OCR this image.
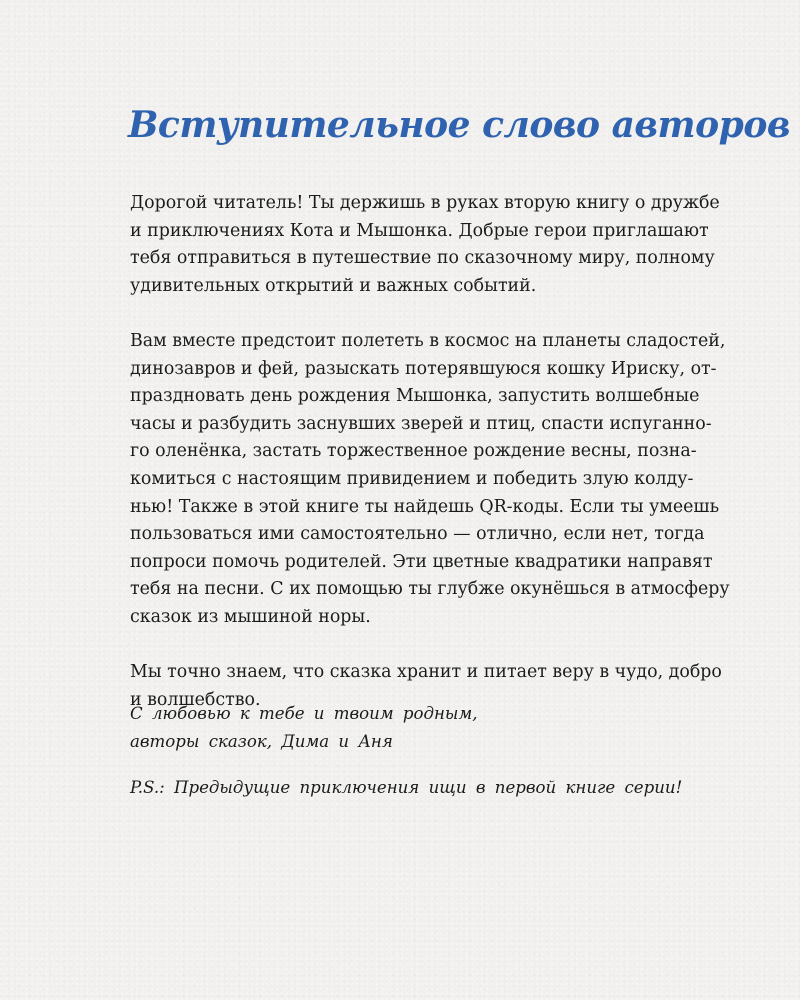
Вступительное слово авторов
Дорогой читатель! Ты держишь в руках вторую книгу о дружбе
и приключениях Кота и Мышонка. Добрые герои приглашают
тебя отправиться в путешествие по сказочному миру, полному
удивительных открытий и важных событий.
Вам вместе предстоит полететь в космос на планеты сладостей,
динозавров и фей, разыскать потерявшуюся кошку Ириску, от-
праздновать день рождения Мышонка, запустить волшебные
часы и разбудить заснувших зверей и птиц, спасти испуганно-
го оленёнка, застать торжественное рождение весны, позна-
комиться с настоящим привидением и победить злую колду-
нью! Также в этой книге ты найдешь QR-коды. Если ты умеешь
пользоваться ими самостоятельно — отлично, если нет, тогда
попроси помочь родителей. Эти цветные квадратики направят
тебя на песни. С их помощью ты глубже окунёшься в атмосферу
сказок из мышиной норы.
Мы точно знаем, что сказка хранит и питает веру в чудо, добро
и волшебство.
С любовью к тебе и твоим родным,
авторы сказок, Дима и Аня
P.S.: Предыдущие приключения ищи в первой книге серии!
